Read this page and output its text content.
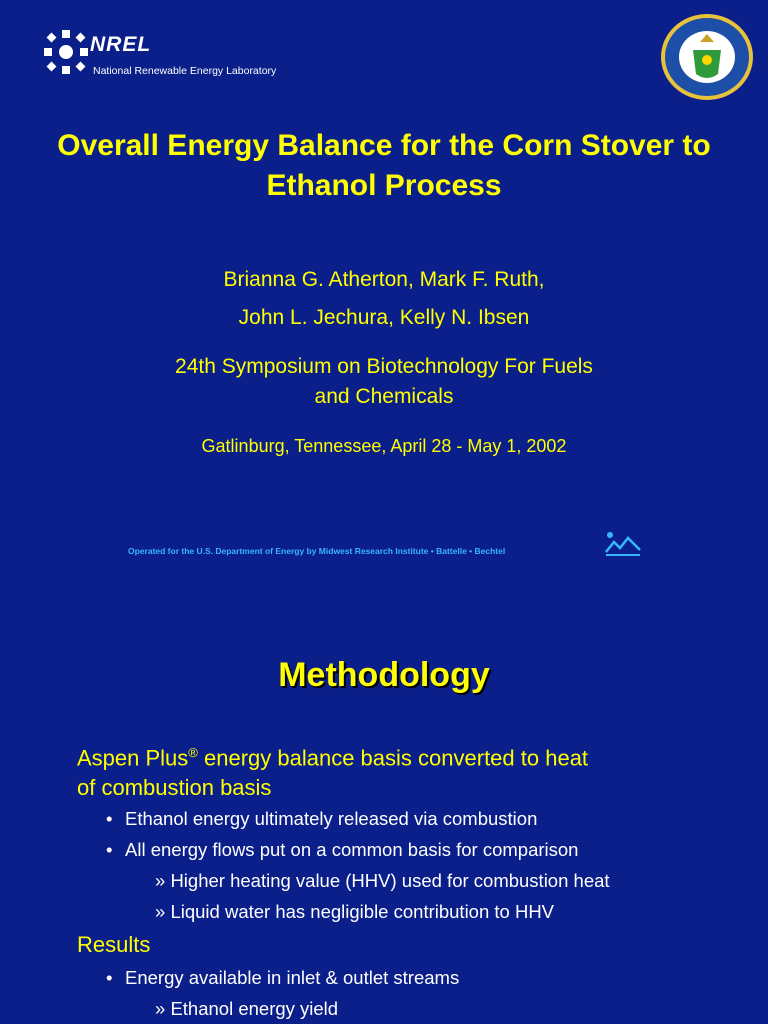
NREL
National Renewable Energy Laboratory
Overall Energy Balance for the Corn Stover to
Ethanol Process
Brianna G. Atherton, Mark F. Ruth,
John L. Jechura, Kelly N. Ibsen
24th Symposium on Biotechnology For Fuels
and Chemicals
Gatlinburg, Tennessee, April 28 - May 1, 2002
Operated for the U.S. Department of Energy by Midwest Research Institute • Battelle • Bechtel
Methodology
Aspen Plus® energy balance basis converted to heat
of combustion basis
• Ethanol energy ultimately released via combustion
• All energy flows put on a common basis for comparison
» Higher heating value (HHV) used for combustion heat
» Liquid water has negligible contribution to HHV
Results
• Energy available in inlet & outlet streams
» Ethanol energy yield
